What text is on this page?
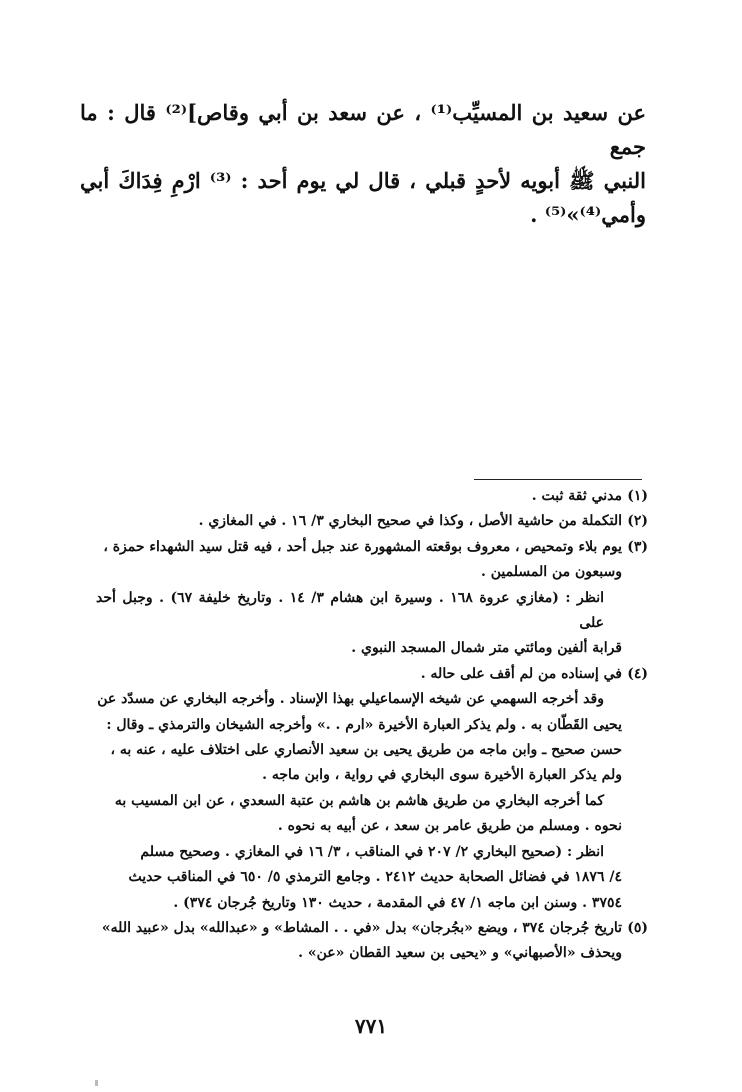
عن سعيد بن المسيِّب⁽¹⁾ ، عن سعد بن أبي وقاص]⁽²⁾ قال : ما جمع

النبي ﷺ أبويه لأحدٍ قبلي ، قال لي يوم أحد : ⁽³⁾ ارْمِ فِدَاكَ أبي وأمي⁽⁴⁾»⁽⁵⁾ .

(١)مدني ثقة ثبت .
(٢)التكملة من حاشية الأصل ، وكذا في صحيح البخاري ٣/ ١٦ . في المغازي .
(٣)يوم بلاء وتمحيص ، معروف بوقعته المشهورة عند جبل أحد ، فيه قتل سيد الشهداء حمزة ،
وسبعون من المسلمين .
انظر : (مغازي عروة ١٦٨ . وسيرة ابن هشام ٣/ ١٤ . وتاريخ خليفة ٦٧) . وجبل أحد على
قرابة ألفين ومائتي متر شمال المسجد النبوي .
(٤)في إسناده من لم أقف على حاله .
وقد أخرجه السهمي عن شيخه الإسماعيلي بهذا الإسناد . وأخرجه البخاري عن مسدّد عن
يحيى القَطّان به . ولم يذكر العبارة الأخيرة «ارم . .» وأخرجه الشيخان والترمذي ـ وقال :
حسن صحيح ـ وابن ماجه من طريق يحيى بن سعيد الأنصاري على اختلاف عليه ، عنه به ،
ولم يذكر العبارة الأخيرة سوى البخاري في رواية ، وابن ماجه .
كما أخرجه البخاري من طريق هاشم بن هاشم بن عتبة السعدي ، عن ابن المسيب به
نحوه . ومسلم من طريق عامر بن سعد ، عن أبيه به نحوه .
انظر : (صحيح البخاري ٢/ ٢٠٧ في المناقب ، ٣/ ١٦ في المغازي . وصحيح مسلم
٤/ ١٨٧٦ في فضائل الصحابة حديث ٢٤١٢ . وجامع الترمذي ٥/ ٦٥٠ في المناقب حديث
٣٧٥٤ . وسنن ابن ماجه ١/ ٤٧ في المقدمة ، حديث ١٣٠ وتاريخ جُرجان ٣٧٤) .
(٥)تاريخ جُرجان ٣٧٤ ، ويضع «بجُرجان» بدل «في . . المشاط» و «عبدالله» بدل «عبيد الله»
ويحذف «الأصبهاني» و «يحيى بن سعيد القطان «عن» .
٧٧١
